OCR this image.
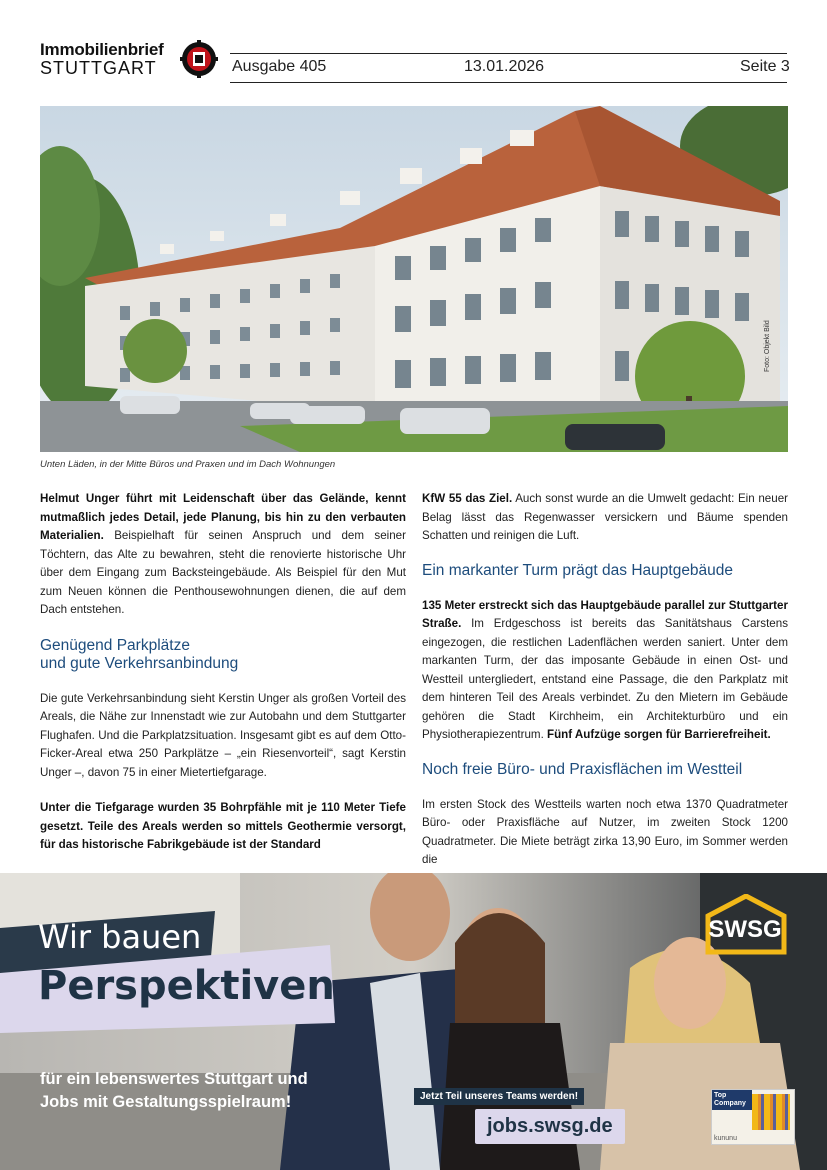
Immobilienbrief
STUTTGART	Ausgabe 405	13.01.2026	Seite 3
Foto: Objekt Bild
Unten Läden, in der Mitte Büros und Praxen und im Dach Wohnungen

Helmut Unger führt mit Leidenschaft über das Gelände, kennt mutmaßlich jedes Detail, jede Planung, bis hin zu den verbauten Materialien. Beispielhaft für seinen Anspruch und dem seiner Töchtern, das Alte zu bewahren, steht die renovierte historische Uhr über dem Eingang zum Backsteingebäude. Als Beispiel für den Mut zum Neuen können die Penthousewohnungen dienen, die auf dem Dach entstehen.

Genügend Parkplätze
und gute Verkehrsanbindung

Die gute Verkehrsanbindung sieht Kerstin Unger als großen Vorteil des Areals, die Nähe zur Innenstadt wie zur Autobahn und dem Stuttgarter Flughafen. Und die Parkplatzsituation. Insgesamt gibt es auf dem Otto-Ficker-Areal etwa 250 Parkplätze – „ein Riesenvorteil“, sagt Kerstin Unger –, davon 75 in einer Mietertiefgarage.

Unter die Tiefgarage wurden 35 Bohrpfähle mit je 110 Meter Tiefe gesetzt. Teile des Areals werden so mittels Geothermie versorgt, für das historische Fabrikgebäude ist der Standard

KfW 55 das Ziel. Auch sonst wurde an die Umwelt gedacht: Ein neuer Belag lässt das Regenwasser versickern und Bäume spenden Schatten und reinigen die Luft.

Ein markanter Turm prägt das Hauptgebäude

135 Meter erstreckt sich das Hauptgebäude parallel zur Stuttgarter Straße. Im Erdgeschoss ist bereits das Sanitätshaus Carstens eingezogen, die restlichen Ladenflächen werden saniert. Unter dem markanten Turm, der das imposante Gebäude in einen Ost- und Westteil untergliedert, entstand eine Passage, die den Parkplatz mit dem hinteren Teil des Areals verbindet. Zu den Mietern im Gebäude gehören die Stadt Kirchheim, ein Architekturbüro und ein Physiotherapiezentrum. Fünf Aufzüge sorgen für Barrierefreiheit.

Noch freie Büro- und Praxisflächen im Westteil

Im ersten Stock des Westteils warten noch etwa 1370 Quadratmeter Büro- oder Praxisfläche auf Nutzer, im zweiten Stock 1200 Quadratmeter. Die Miete beträgt zirka 13,90 Euro, im Sommer werden die

Wir bauen
Perspektiven
für ein lebenswertes Stuttgart und
Jobs mit Gestaltungsspielraum!	Jetzt Teil unseres Teams werden!
jobs.swsg.de
SWSG
Top
Company
kununu
